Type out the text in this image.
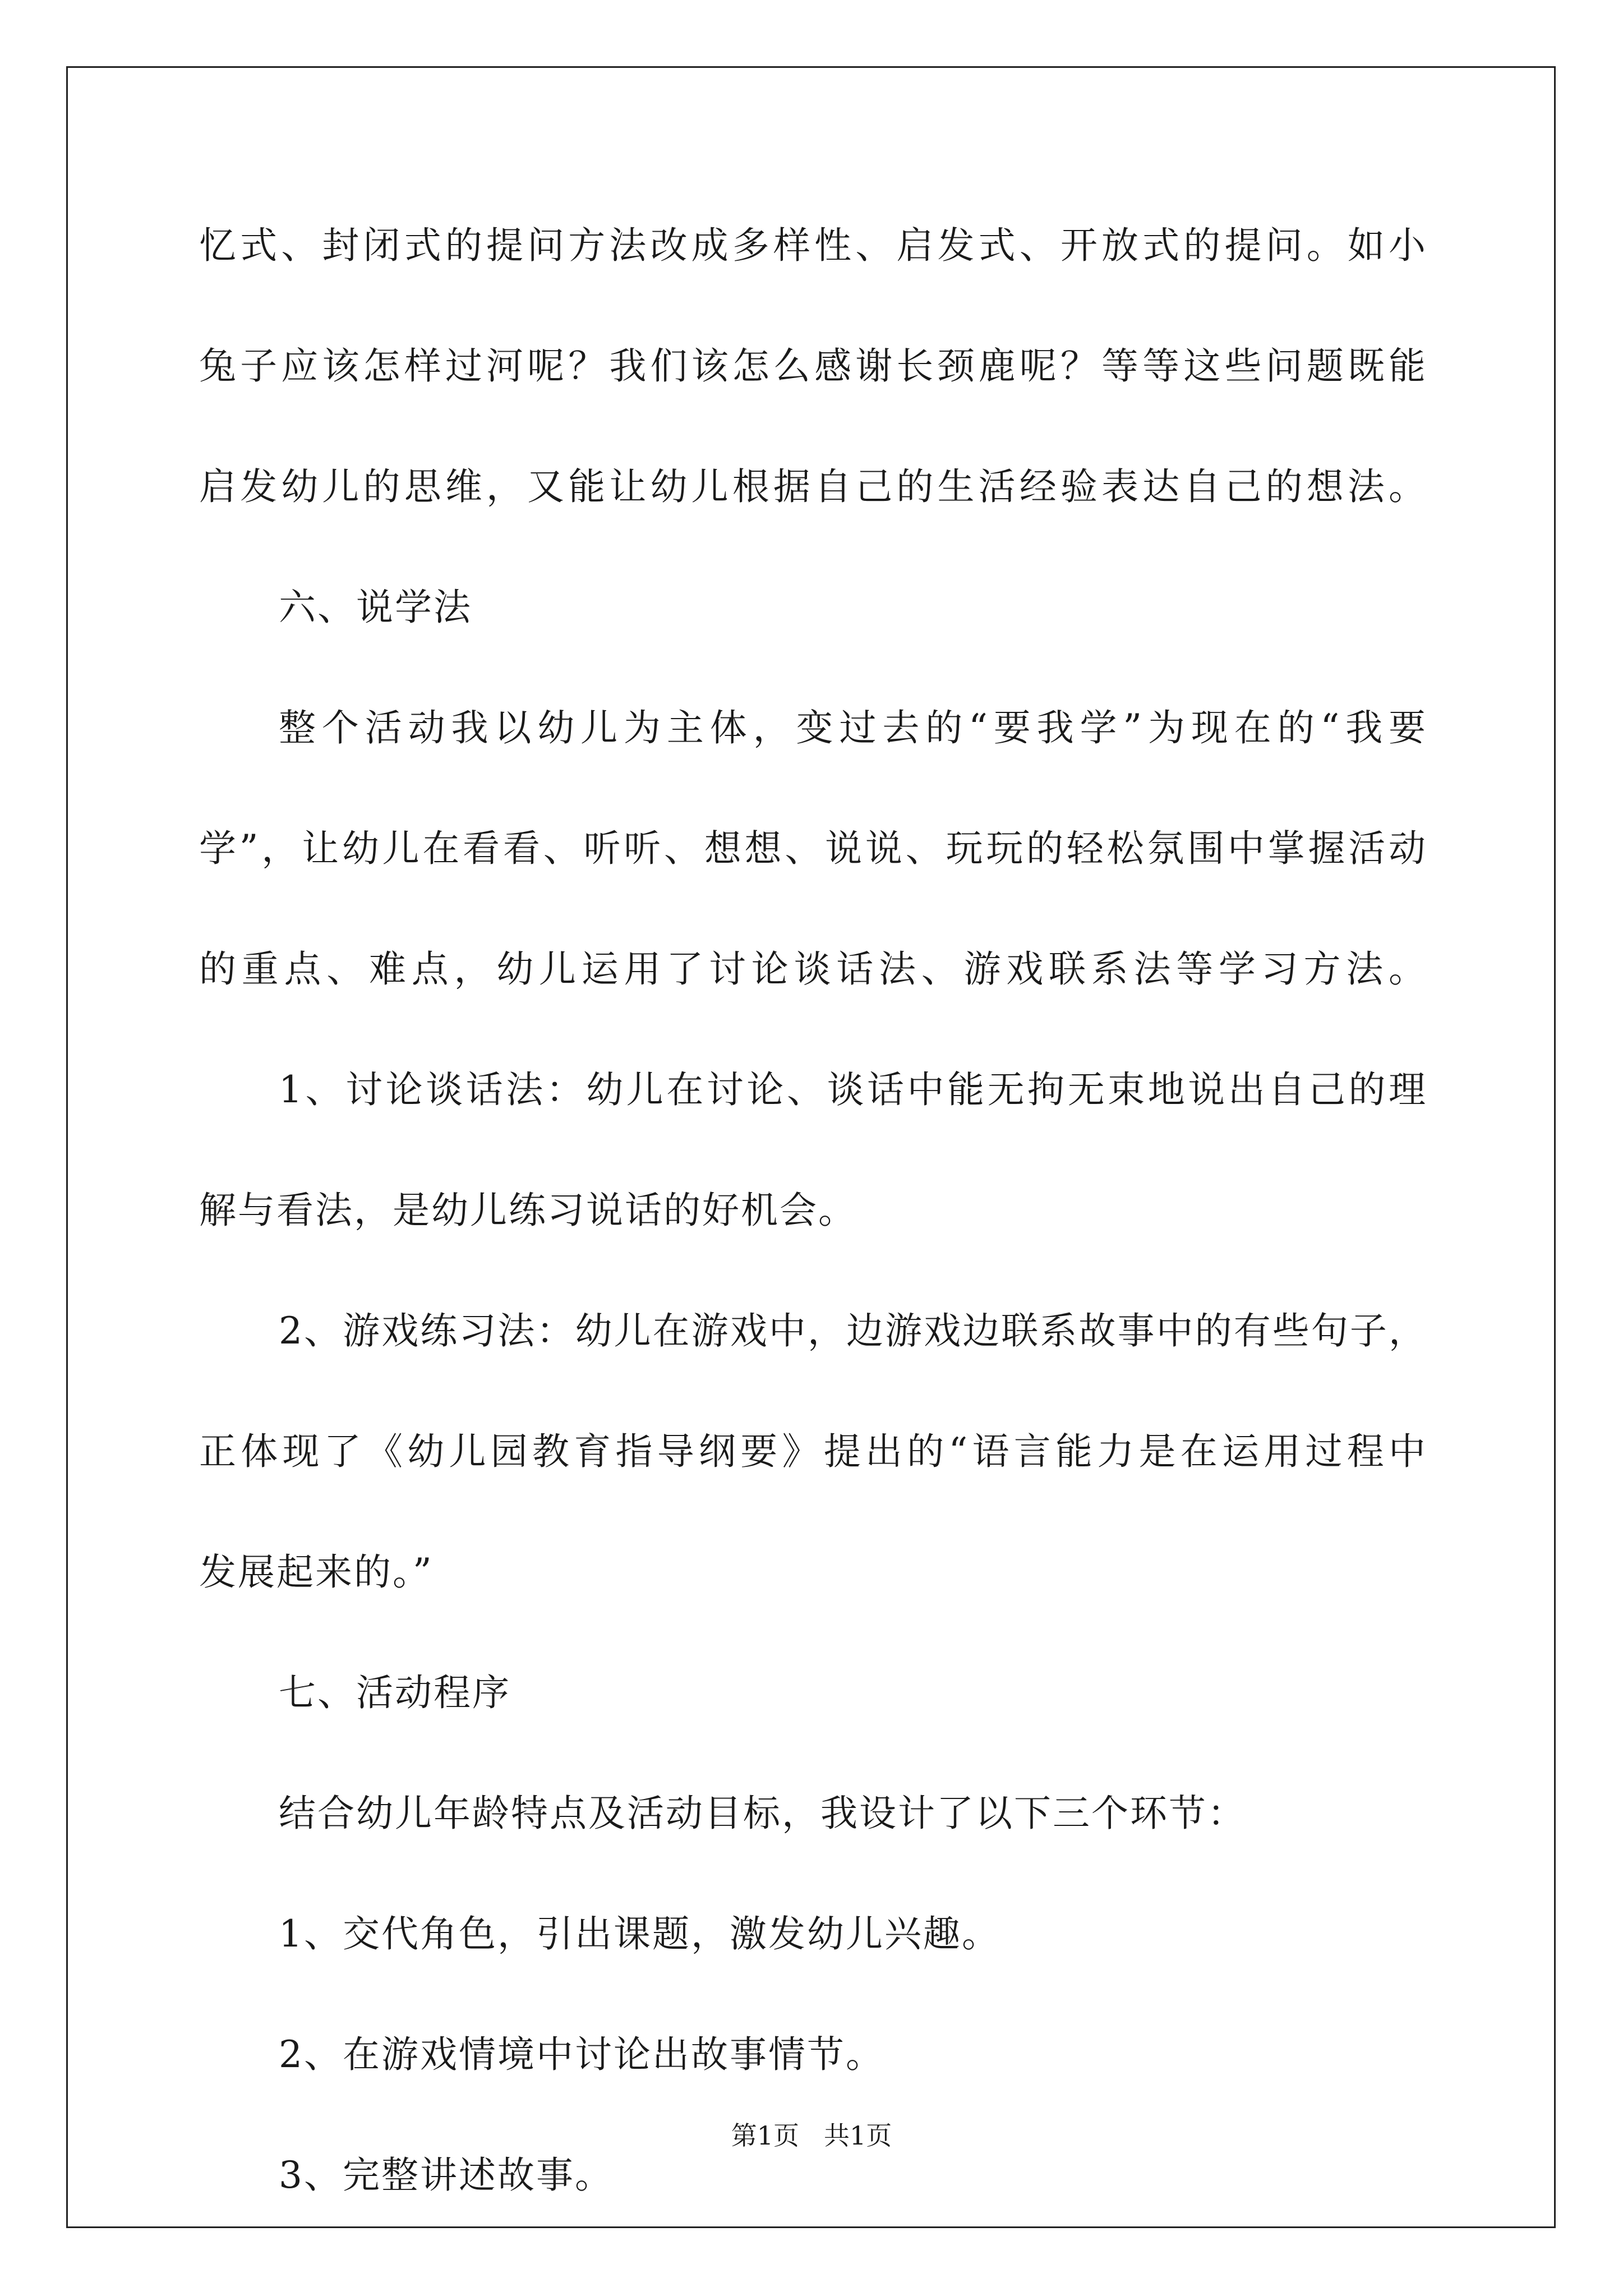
忆式、封闭式的提问方法改成多样性、启发式、开放式的提问。如小
兔子应该怎样过河呢？我们该怎么感谢长颈鹿呢？等等这些问题既能
启发幼儿的思维，又能让幼儿根据自己的生活经验表达自己的想法。
六、说学法
整个活动我以幼儿为主体，变过去的“要我学”为现在的“我要
学”，让幼儿在看看、听听、想想、说说、玩玩的轻松氛围中掌握活动
的重点、难点，幼儿运用了讨论谈话法、游戏联系法等学习方法。
1、讨论谈话法：幼儿在讨论、谈话中能无拘无束地说出自己的理
解与看法，是幼儿练习说话的好机会。
2、游戏练习法：幼儿在游戏中，边游戏边联系故事中的有些句子，
正体现了《幼儿园教育指导纲要》提出的“语言能力是在运用过程中
发展起来的。”
七、活动程序
结合幼儿年龄特点及活动目标，我设计了以下三个环节：
1、交代角色，引出课题，激发幼儿兴趣。
2、在游戏情境中讨论出故事情节。
3、完整讲述故事。
第1页 共1页
